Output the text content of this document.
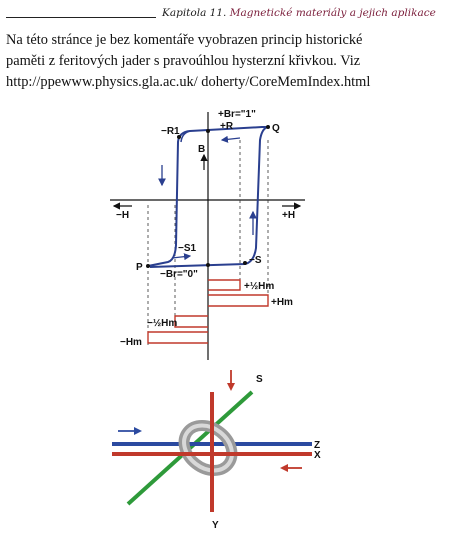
Kapitola 11. Magnetické materiály a jejich aplikace
Na této stránce je bez komentáře vyobrazen princip historické
paměti z feritových jader s pravoúhlou hysterzní křivkou. Viz
http://ppewww.physics.gla.ac.uk/ doherty/CoreMemIndex.html
+Br="1"
+R	Q
−R1
B
−H	+H
−S1
P
−Br="0"
−S
+½Hm
+Hm
−½Hm
−Hm
S
Z
X
Y
